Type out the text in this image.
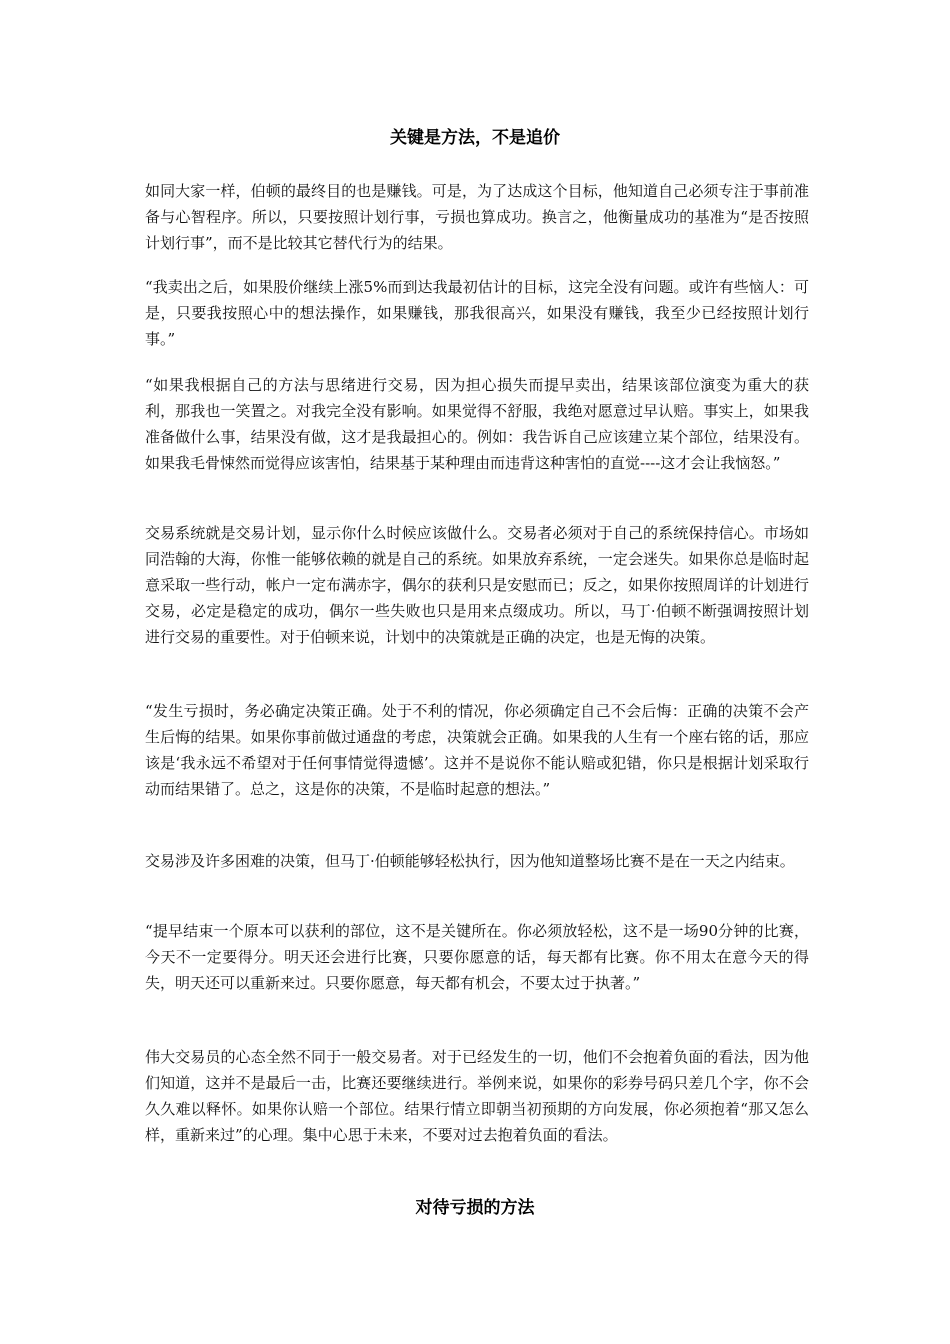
关键是方法，不是追价

如同大家一样，伯顿的最终目的也是赚钱。可是，为了达成这个目标，他知道自己必须专注于事前准备与心智程序。所以，只要按照计划行事，亏损也算成功。换言之，他衡量成功的基准为“是否按照计划行事”，而不是比较其它替代行为的结果。

“我卖出之后，如果股价继续上涨5%而到达我最初估计的目标，这完全没有问题。或许有些恼人：可是，只要我按照心中的想法操作，如果赚钱，那我很高兴，如果没有赚钱，我至少已经按照计划行事。”

“如果我根据自己的方法与思绪进行交易，因为担心损失而提早卖出，结果该部位演变为重大的获利，那我也一笑置之。对我完全没有影响。如果觉得不舒服，我绝对愿意过早认赔。事实上，如果我准备做什么事，结果没有做，这才是我最担心的。例如：我告诉自己应该建立某个部位，结果没有。如果我毛骨悚然而觉得应该害怕，结果基于某种理由而违背这种害怕的直觉----这才会让我恼怒。”

交易系统就是交易计划，显示你什么时候应该做什么。交易者必须对于自己的系统保持信心。市场如同浩翰的大海，你惟一能够依赖的就是自己的系统。如果放弃系统，一定会迷失。如果你总是临时起意采取一些行动，帐户一定布满赤字，偶尔的获利只是安慰而已；反之，如果你按照周详的计划进行交易，必定是稳定的成功，偶尔一些失败也只是用来点缀成功。所以，马丁·伯顿不断强调按照计划进行交易的重要性。对于伯顿来说，计划中的决策就是正确的决定，也是无悔的决策。

“发生亏损时，务必确定决策正确。处于不利的情况，你必须确定自己不会后悔：正确的决策不会产生后悔的结果。如果你事前做过通盘的考虑，决策就会正确。如果我的人生有一个座右铭的话，那应该是‘我永远不希望对于任何事情觉得遗憾’。这并不是说你不能认赔或犯错，你只是根据计划采取行动而结果错了。总之，这是你的决策，不是临时起意的想法。”

交易涉及许多困难的决策，但马丁·伯顿能够轻松执行，因为他知道整场比赛不是在一天之内结束。

“提早结束一个原本可以获利的部位，这不是关键所在。你必须放轻松，这不是一场90分钟的比赛，今天不一定要得分。明天还会进行比赛，只要你愿意的话，每天都有比赛。你不用太在意今天的得失，明天还可以重新来过。只要你愿意，每天都有机会，不要太过于执著。”

伟大交易员的心态全然不同于一般交易者。对于已经发生的一切，他们不会抱着负面的看法，因为他们知道，这并不是最后一击，比赛还要继续进行。举例来说，如果你的彩券号码只差几个字，你不会久久难以释怀。如果你认赔一个部位。结果行情立即朝当初预期的方向发展，你必须抱着“那又怎么样，重新来过”的心理。集中心思于未来，不要对过去抱着负面的看法。

对待亏损的方法
